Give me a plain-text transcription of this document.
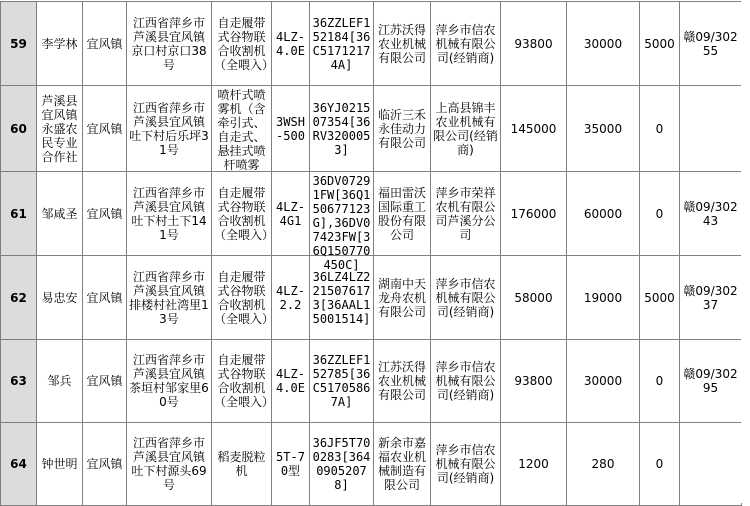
59	李学林	宜风镇	江西省萍乡市芦溪县宜风镇京口村京口38号	自走履带式谷物联合收割机（全喂入）	4LZ-4.0E	36ZZLEF152184[36C51712174A]	江苏沃得农业机械有限公司	萍乡市信农机械有限公司(经销商)	93800	30000	5000	赣09/30255
60	芦溪县宜风镇永盛农民专业合作社	宜风镇	江西省萍乡市芦溪县宜风镇吐下村后乐坪31号	喷杆式喷雾机（含牵引式、自走式、悬挂式喷杆喷雾	3WSH-500	36YJ021507354[36RV3200053]	临沂三禾永佳动力有限公司	上高县锦丰农业机械有限公司(经销商)	145000	35000	0	
61	邹咸圣	宜风镇	江西省萍乡市芦溪县宜风镇吐下村土下141号	自走履带式谷物联合收割机（全喂入）	4LZ-4G1	36DV07291FW[36Q150677123G],36DV07423FW[36Q150770450C]	福田雷沃国际重工股份有限公司	萍乡市荣祥农机有限公司芦溪分公司	176000	60000	0	赣09/30243
62	易忠安	宜风镇	江西省萍乡市芦溪县宜风镇排楼村社湾里13号	自走履带式谷物联合收割机（全喂入）	4LZ-2.2	36LZ4LZ2215076173[36AAL15001514]	湖南中天龙舟农机有限公司	萍乡市信农机械有限公司(经销商)	58000	19000	5000	赣09/30237
63	邹兵	宜风镇	江西省萍乡市芦溪县宜风镇茶垣村邹家里60号	自走履带式谷物联合收割机（全喂入）	4LZ-4.0E	36ZZLEF152785[36C51705867A]	江苏沃得农业机械有限公司	萍乡市信农机械有限公司(经销商)	93800	30000	0	赣09/30295
64	钟世明	宜风镇	江西省萍乡市芦溪县宜风镇吐下村源头69号	稻麦脱粒机	5T-70型	36JF5T700283[36409052078]	新余市嘉福农业机械制造有限公司	萍乡市信农机械有限公司(经销商)	1200	280	0	
